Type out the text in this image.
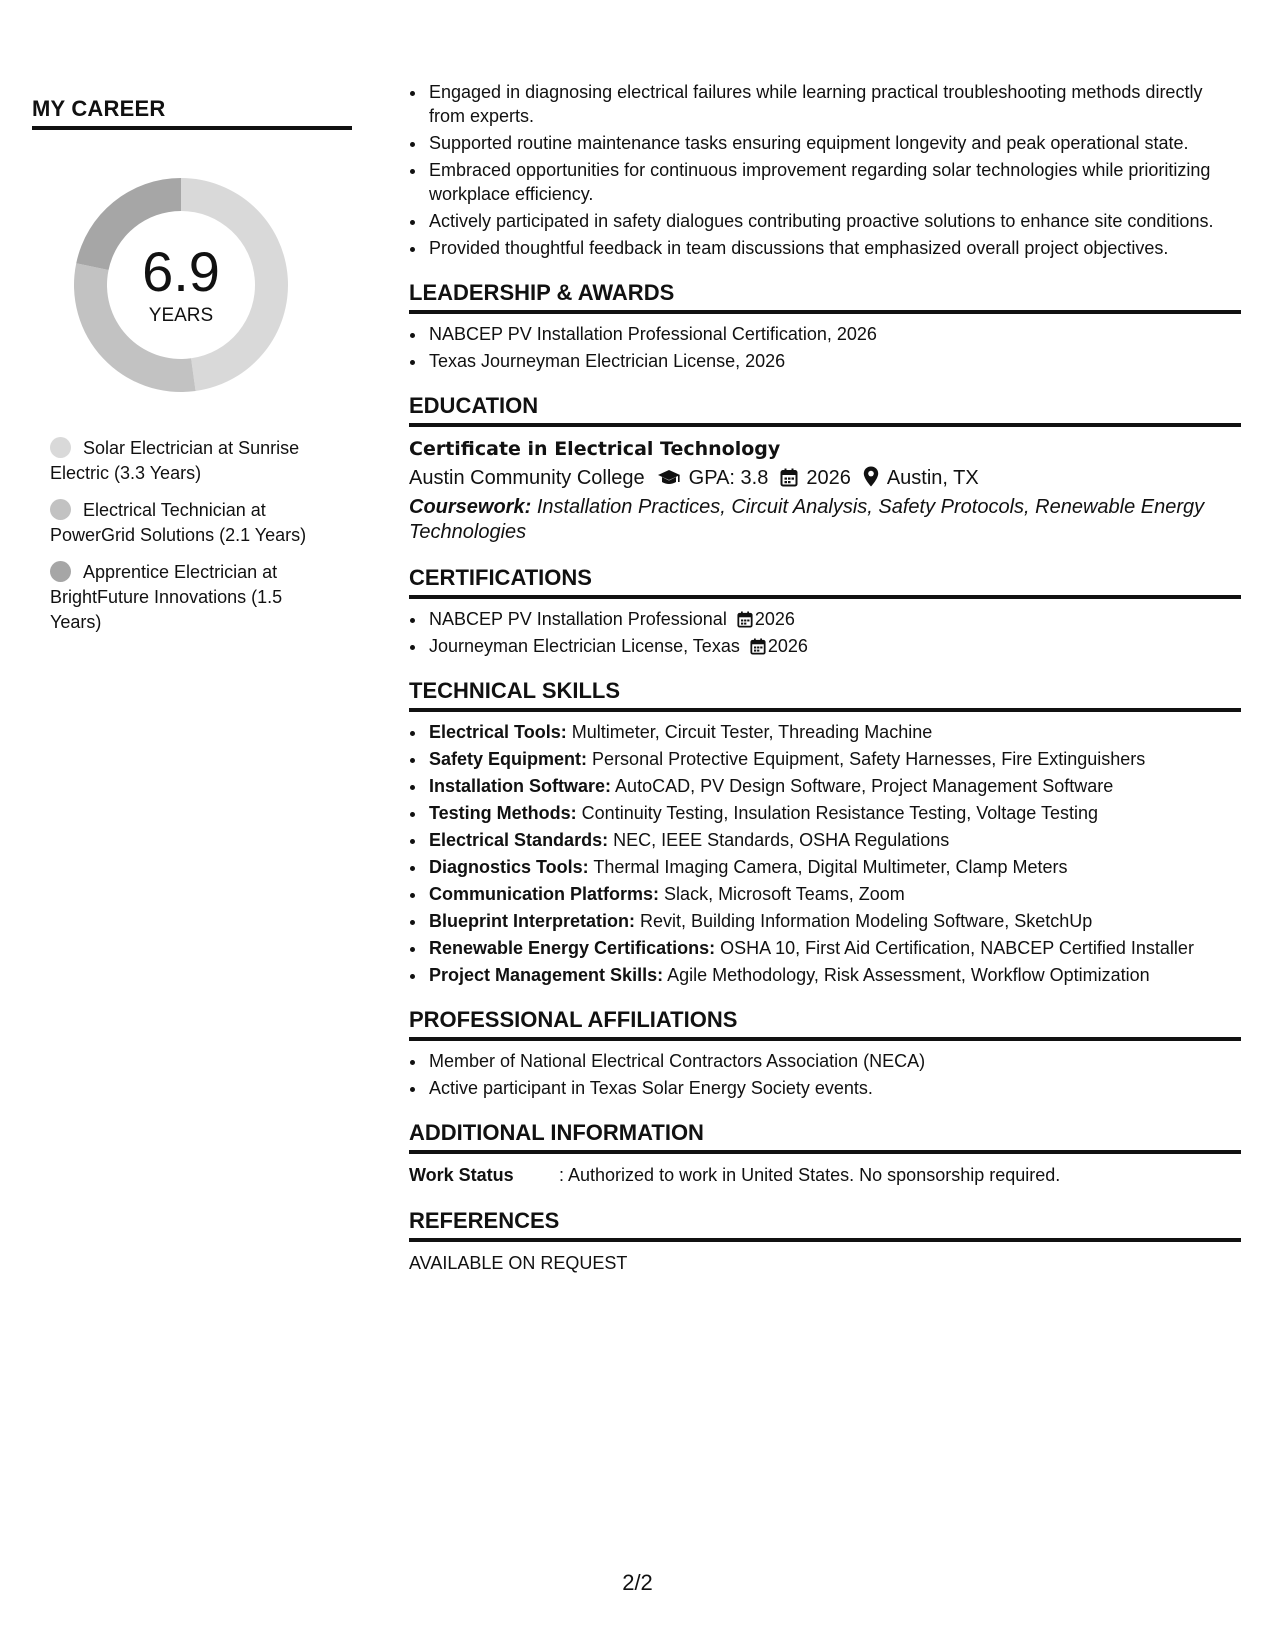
MY CAREER
6.9
YEARS
Solar Electrician at Sunrise Electric (3.3 Years)
Electrical Technician at PowerGrid Solutions (2.1 Years)
Apprentice Electrician at BrightFuture Innovations (1.5 Years)
• Engaged in diagnosing electrical failures while learning practical troubleshooting methods directly from experts.
• Supported routine maintenance tasks ensuring equipment longevity and peak operational state.
• Embraced opportunities for continuous improvement regarding solar technologies while prioritizing workplace efficiency.
• Actively participated in safety dialogues contributing proactive solutions to enhance site conditions.
• Provided thoughtful feedback in team discussions that emphasized overall project objectives.
LEADERSHIP & AWARDS
• NABCEP PV Installation Professional Certification, 2026
• Texas Journeyman Electrician License, 2026
EDUCATION
Certificate in Electrical Technology
Austin Community College GPA: 3.8 2026 Austin, TX
Coursework: Installation Practices, Circuit Analysis, Safety Protocols, Renewable Energy Technologies
CERTIFICATIONS
• NABCEP PV Installation Professional 2026
• Journeyman Electrician License, Texas 2026
TECHNICAL SKILLS
• Electrical Tools: Multimeter, Circuit Tester, Threading Machine
• Safety Equipment: Personal Protective Equipment, Safety Harnesses, Fire Extinguishers
• Installation Software: AutoCAD, PV Design Software, Project Management Software
• Testing Methods: Continuity Testing, Insulation Resistance Testing, Voltage Testing
• Electrical Standards: NEC, IEEE Standards, OSHA Regulations
• Diagnostics Tools: Thermal Imaging Camera, Digital Multimeter, Clamp Meters
• Communication Platforms: Slack, Microsoft Teams, Zoom
• Blueprint Interpretation: Revit, Building Information Modeling Software, SketchUp
• Renewable Energy Certifications: OSHA 10, First Aid Certification, NABCEP Certified Installer
• Project Management Skills: Agile Methodology, Risk Assessment, Workflow Optimization
PROFESSIONAL AFFILIATIONS
• Member of National Electrical Contractors Association (NECA)
• Active participant in Texas Solar Energy Society events.
ADDITIONAL INFORMATION
Work Status	: Authorized to work in United States. No sponsorship required.
REFERENCES
AVAILABLE ON REQUEST
2/2
